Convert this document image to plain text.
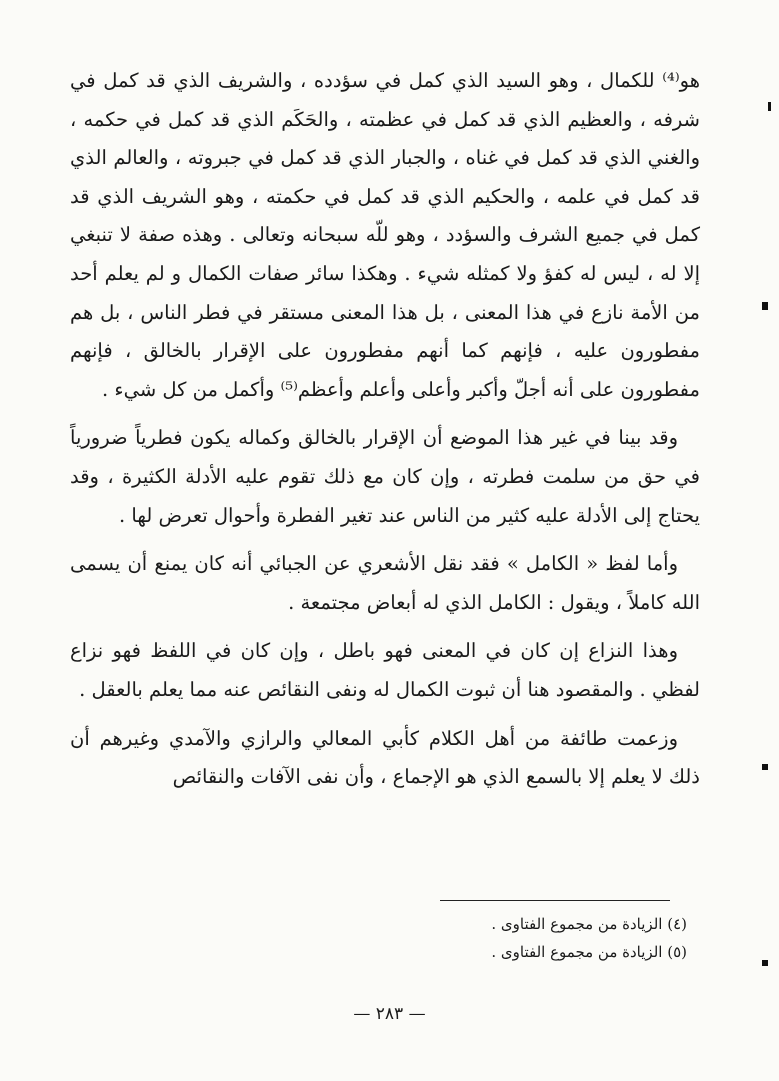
هو⁽⁴⁾ للكمال ، وهو السيد الذي كمل في سؤدده ، والشريف الذي قد كمل في شرفه ، والعظيم الذي قد كمل في عظمته ، والحَكَم الذي قد كمل في حكمه ، والغني الذي قد كمل في غناه ، والجبار الذي قد كمل في جبروته ، والعالم الذي قد كمل في علمه ، والحكيم الذي قد كمل في حكمته ، وهو الشريف الذي قد كمل في جميع الشرف والسؤدد ، وهو للّه سبحانه وتعالى . وهذه صفة لا تنبغي إلا له ، ليس له كفؤ ولا كمثله شيء . وهكذا سائر صفات الكمال و لم يعلم أحد من الأمة نازع في هذا المعنى ، بل هذا المعنى مستقر في فطر الناس ، بل هم مفطورون عليه ، فإنهم كما أنهم مفطورون على الإقرار بالخالق ، فإنهم مفطورون على أنه أجلّ وأكبر وأعلى وأعلم وأعظم⁽⁵⁾ وأكمل من كل شيء .
وقد بينا في غير هذا الموضع أن الإقرار بالخالق وكماله يكون فطرياً ضرورياً في حق من سلمت فطرته ، وإن كان مع ذلك تقوم عليه الأدلة الكثيرة ، وقد يحتاج إلى الأدلة عليه كثير من الناس عند تغير الفطرة وأحوال تعرض لها .
وأما لفظ « الكامل » فقد نقل الأشعري عن الجبائي أنه كان يمنع أن يسمى الله كاملاً ، ويقول : الكامل الذي له أبعاض مجتمعة .
وهذا النزاع إن كان في المعنى فهو باطل ، وإن كان في اللفظ فهو نزاع لفظي . والمقصود هنا أن ثبوت الكمال له ونفى النقائص عنه مما يعلم بالعقل .
وزعمت طائفة من أهل الكلام كأبي المعالي والرازي والآمدي وغيرهم أن ذلك لا يعلم إلا بالسمع الذي هو الإجماع ، وأن نفى الآفات والنقائص
(٤) الزيادة من مجموع الفتاوى .
(٥) الزيادة من مجموع الفتاوى .
— ٢٨٣ —
